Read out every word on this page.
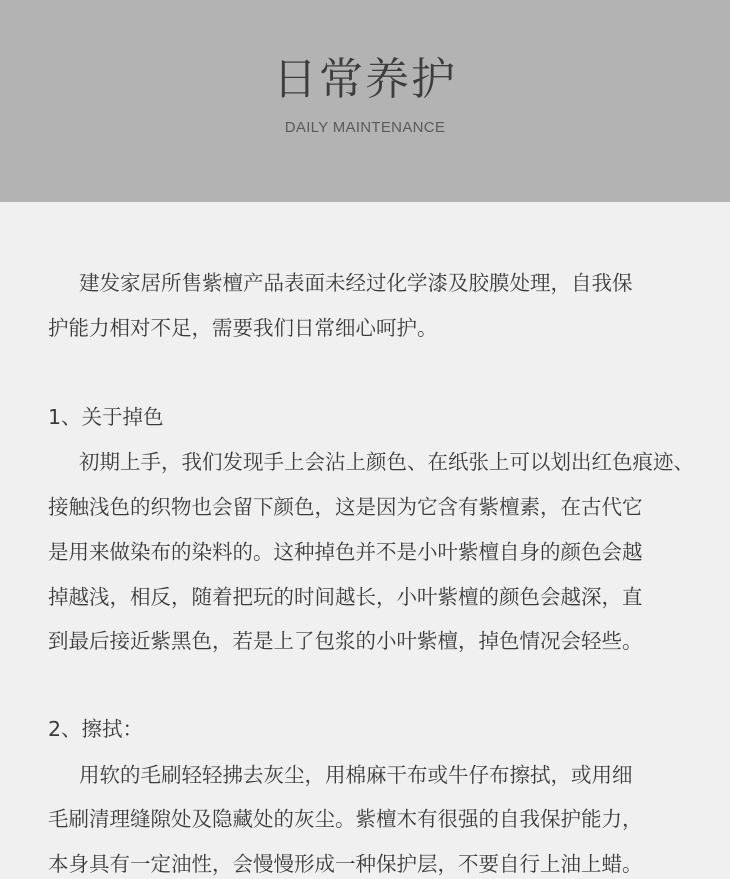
日常养护

DAILY MAINTENANCE

建发家居所售紫檀产品表面未经过化学漆及胶膜处理，自我保

护能力相对不足，需要我们日常细心呵护。

1、关于掉色

初期上手，我们发现手上会沾上颜色、在纸张上可以划出红色痕迹、

接触浅色的织物也会留下颜色，这是因为它含有紫檀素，在古代它

是用来做染布的染料的。这种掉色并不是小叶紫檀自身的颜色会越

掉越浅，相反，随着把玩的时间越长，小叶紫檀的颜色会越深，直

到最后接近紫黑色，若是上了包浆的小叶紫檀，掉色情况会轻些。

2、擦拭：

用软的毛刷轻轻拂去灰尘，用棉麻干布或牛仔布擦拭，或用细

毛刷清理缝隙处及隐藏处的灰尘。紫檀木有很强的自我保护能力，

本身具有一定油性，会慢慢形成一种保护层，不要自行上油上蜡。
